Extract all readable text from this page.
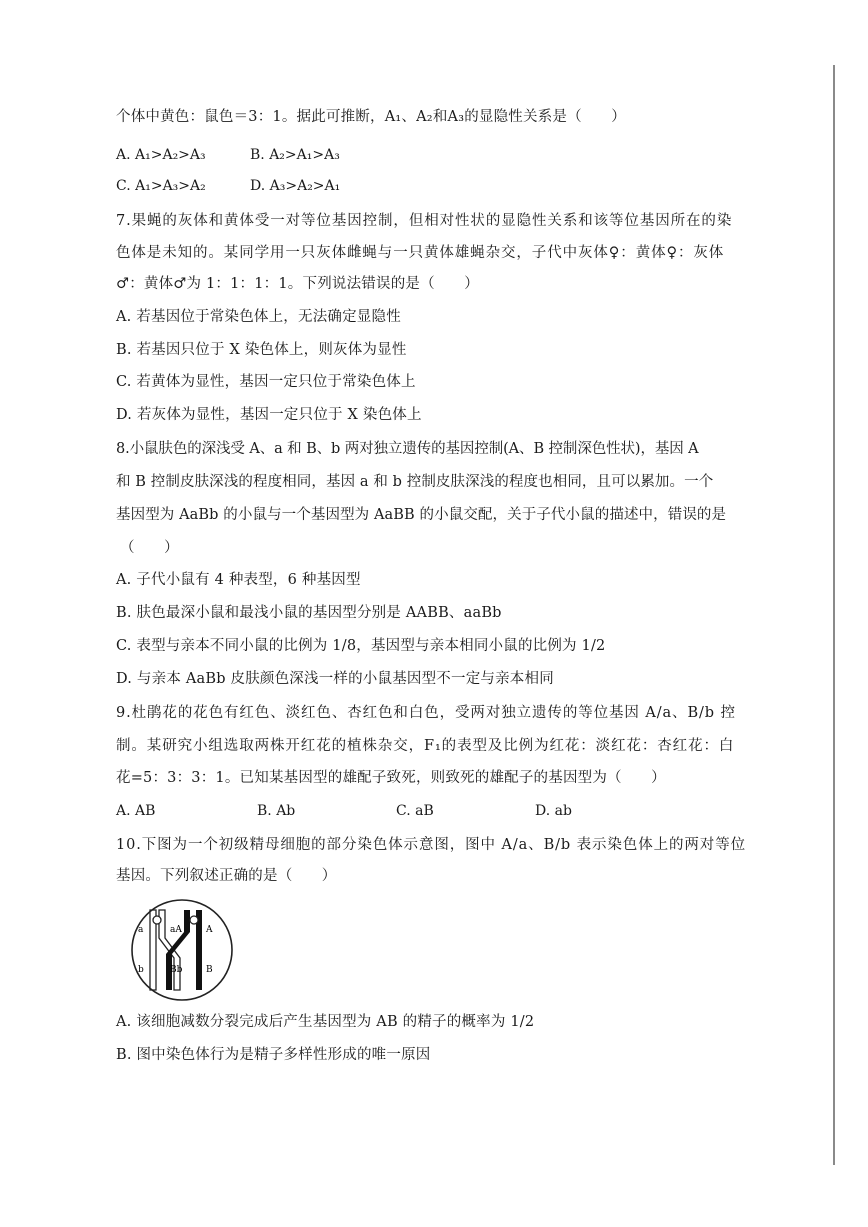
个体中黄色：鼠色＝3：1。据此可推断，A₁、A₂和A₃的显隐性关系是（　　）
A. A₁>A₂>A₃	B. A₂>A₁>A₃
C. A₁>A₃>A₂	D. A₃>A₂>A₁
7.果蝇的灰体和黄体受一对等位基因控制，但相对性状的显隐性关系和该等位基因所在的染
色体是未知的。某同学用一只灰体雌蝇与一只黄体雄蝇杂交，子代中灰体♀：黄体♀：灰体
♂：黄体♂为 1：1：1：1。下列说法错误的是（　　）
A. 若基因位于常染色体上，无法确定显隐性
B. 若基因只位于 X 染色体上，则灰体为显性
C. 若黄体为显性，基因一定只位于常染色体上
D. 若灰体为显性，基因一定只位于 X 染色体上
8.小鼠肤色的深浅受 A、a 和 B、b 两对独立遗传的基因控制(A、B 控制深色性状)，基因 A
和 B 控制皮肤深浅的程度相同，基因 a 和 b 控制皮肤深浅的程度也相同，且可以累加。一个
基因型为 AaBb 的小鼠与一个基因型为 AaBB 的小鼠交配，关于子代小鼠的描述中，错误的是
（　　）
A. 子代小鼠有 4 种表型，6 种基因型
B. 肤色最深小鼠和最浅小鼠的基因型分别是 AABB、aaBb
C. 表型与亲本不同小鼠的比例为 1/8，基因型与亲本相同小鼠的比例为 1/2
D. 与亲本 AaBb 皮肤颜色深浅一样的小鼠基因型不一定与亲本相同
9.杜鹃花的花色有红色、淡红色、杏红色和白色，受两对独立遗传的等位基因 A/a、B/b 控
制。某研究小组选取两株开红花的植株杂交，F₁的表型及比例为红花：淡红花：杏红花：白
花=5：3：3：1。已知某基因型的雄配子致死，则致死的雄配子的基因型为（　　）
A. AB	B. Ab	C. aB	D. ab
10.下图为一个初级精母细胞的部分染色体示意图，图中 A/a、B/b 表示染色体上的两对等位
基因。下列叙述正确的是（　　）
a	aA	A
b	Bb	B
A. 该细胞减数分裂完成后产生基因型为 AB 的精子的概率为 1/2
B. 图中染色体行为是精子多样性形成的唯一原因
